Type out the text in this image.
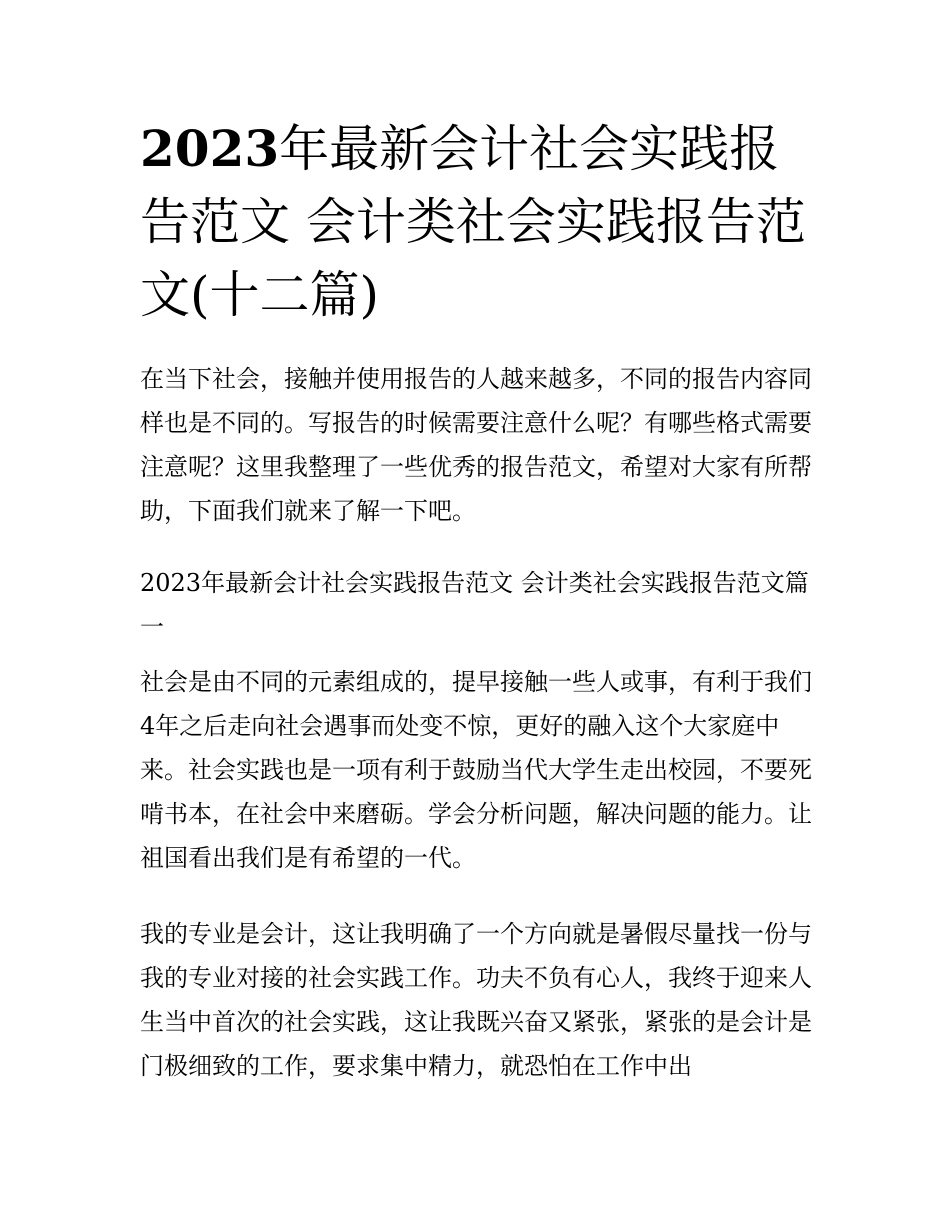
2023年最新会计社会实践报告范文 会计类社会实践报告范文(十二篇)

在当下社会，接触并使用报告的人越来越多，不同的报告内容同样也是不同的。写报告的时候需要注意什么呢？有哪些格式需要注意呢？这里我整理了一些优秀的报告范文，希望对大家有所帮助，下面我们就来了解一下吧。

2023年最新会计社会实践报告范文 会计类社会实践报告范文篇一

社会是由不同的元素组成的，提早接触一些人或事，有利于我们4年之后走向社会遇事而处变不惊，更好的融入这个大家庭中来。社会实践也是一项有利于鼓励当代大学生走出校园，不要死啃书本，在社会中来磨砺。学会分析问题，解决问题的能力。让祖国看出我们是有希望的一代。

我的专业是会计，这让我明确了一个方向就是暑假尽量找一份与我的专业对接的社会实践工作。功夫不负有心人，我终于迎来人生当中首次的社会实践，这让我既兴奋又紧张，紧张的是会计是门极细致的工作，要求集中精力，就恐怕在工作中出
